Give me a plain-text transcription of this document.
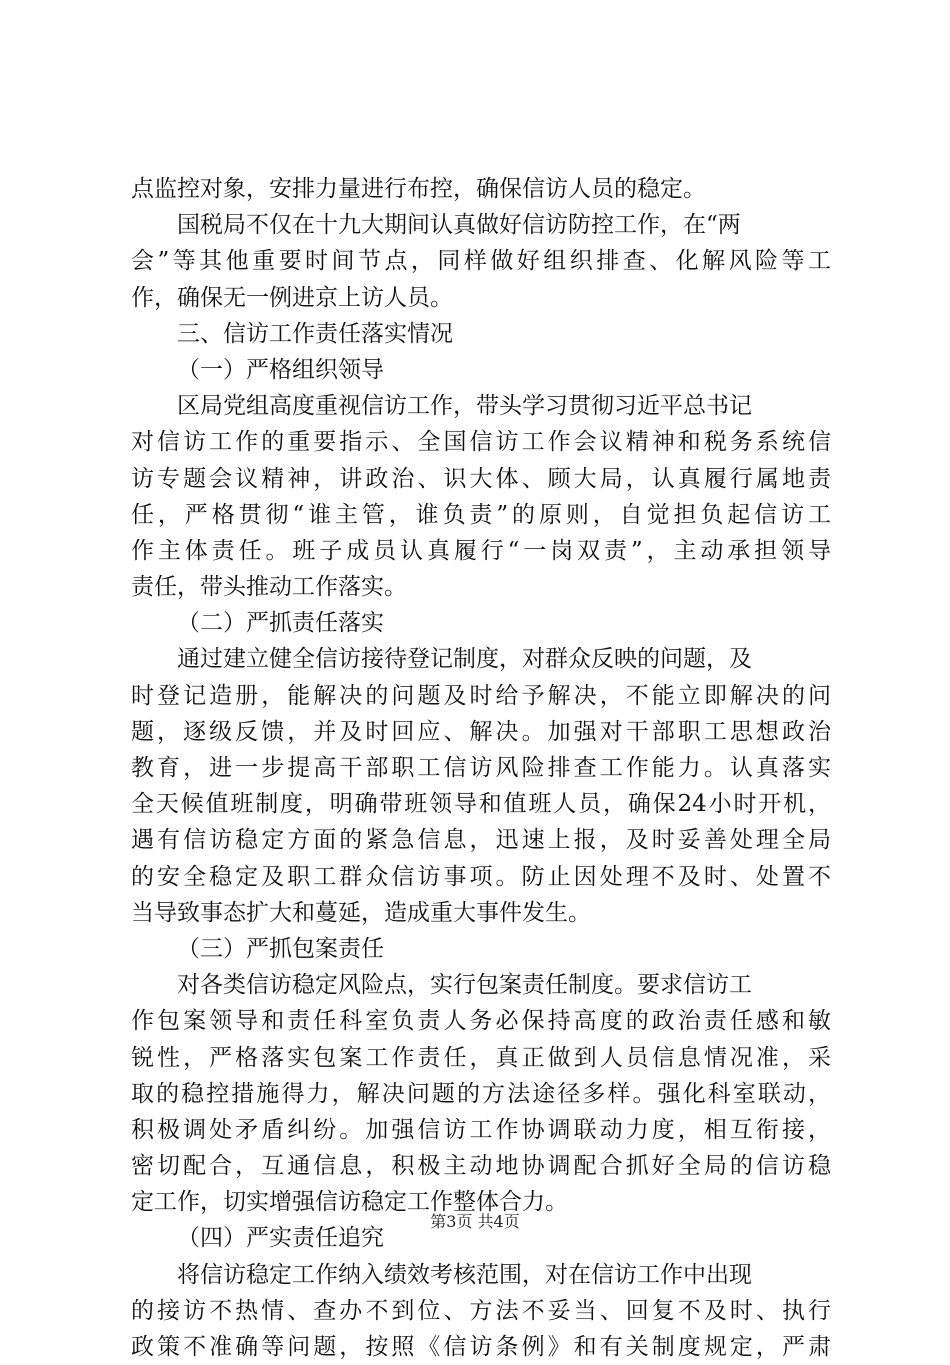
点监控对象，安排力量进行布控，确保信访人员的稳定。
国税局不仅在十九大期间认真做好信访防控工作，在“两
会”等其他重要时间节点，同样做好组织排查、化解风险等工
作，确保无一例进京上访人员。
三、信访工作责任落实情况
（一）严格组织领导
区局党组高度重视信访工作，带头学习贯彻习近平总书记
对信访工作的重要指示、全国信访工作会议精神和税务系统信
访专题会议精神，讲政治、识大体、顾大局，认真履行属地责
任，严格贯彻“谁主管，谁负责”的原则，自觉担负起信访工
作主体责任。班子成员认真履行“一岗双责”，主动承担领导
责任，带头推动工作落实。
（二）严抓责任落实
通过建立健全信访接待登记制度，对群众反映的问题，及
时登记造册，能解决的问题及时给予解决，不能立即解决的问
题，逐级反馈，并及时回应、解决。加强对干部职工思想政治
教育，进一步提高干部职工信访风险排查工作能力。认真落实
全天候值班制度，明确带班领导和值班人员，确保24小时开机，
遇有信访稳定方面的紧急信息，迅速上报，及时妥善处理全局
的安全稳定及职工群众信访事项。防止因处理不及时、处置不
当导致事态扩大和蔓延，造成重大事件发生。
（三）严抓包案责任
对各类信访稳定风险点，实行包案责任制度。要求信访工
作包案领导和责任科室负责人务必保持高度的政治责任感和敏
锐性，严格落实包案工作责任，真正做到人员信息情况准，采
取的稳控措施得力，解决问题的方法途径多样。强化科室联动，
积极调处矛盾纠纷。加强信访工作协调联动力度，相互衔接，
密切配合，互通信息，积极主动地协调配合抓好全局的信访稳
定工作，切实增强信访稳定工作整体合力。
（四）严实责任追究
将信访稳定工作纳入绩效考核范围，对在信访工作中出现
的接访不热情、查办不到位、方法不妥当、回复不及时、执行
政策不准确等问题，按照《信访条例》和有关制度规定，严肃
第3页 共4页
